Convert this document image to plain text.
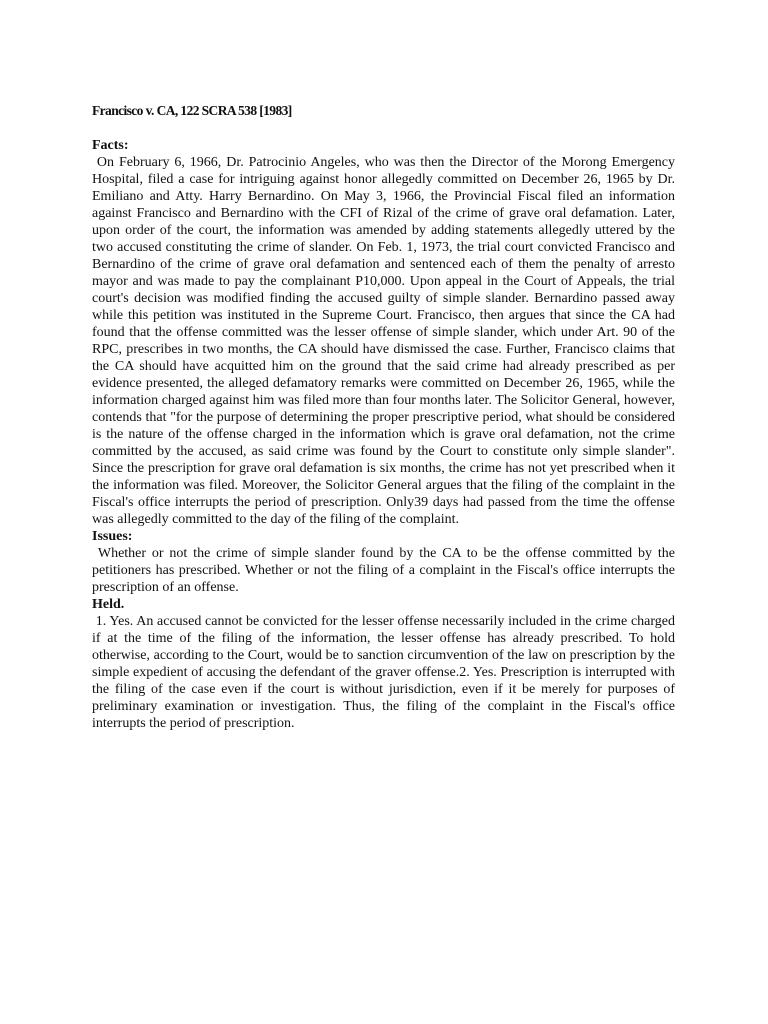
Francisco v. CA, 122 SCRA 538 [1983]
Facts:

On February 6, 1966, Dr. Patrocinio Angeles, who was then the Director of the Morong Emergency Hospital, filed a case for intriguing against honor allegedly committed on December 26, 1965 by Dr. Emiliano and Atty. Harry Bernardino. On May 3, 1966, the Provincial Fiscal filed an information against Francisco and Bernardino with the CFI of Rizal of the crime of grave oral defamation. Later, upon order of the court, the information was amended by adding statements allegedly uttered by the two accused constituting the crime of slander. On Feb. 1, 1973, the trial court convicted Francisco and Bernardino of the crime of grave oral defamation and sentenced each of them the penalty of arresto mayor and was made to pay the complainant P10,000. Upon appeal in the Court of Appeals, the trial court's decision was modified finding the accused guilty of simple slander. Bernardino passed away while this petition was instituted in the Supreme Court. Francisco, then argues that since the CA had found that the offense committed was the lesser offense of simple slander, which under Art. 90 of the RPC, prescribes in two months, the CA should have dismissed the case. Further, Francisco claims that the CA should have acquitted him on the ground that the said crime had already prescribed as per evidence presented, the alleged defamatory remarks were committed on December 26, 1965, while the information charged against him was filed more than four months later. The Solicitor General, however, contends that "for the purpose of determining the proper prescriptive period, what should be considered is the nature of the offense charged in the information which is grave oral defamation, not the crime committed by the accused, as said crime was found by the Court to constitute only simple slander". Since the prescription for grave oral defamation is six months, the crime has not yet prescribed when it the information was filed. Moreover, the Solicitor General argues that the filing of the complaint in the Fiscal's office interrupts the period of prescription. Only39 days had passed from the time the offense was allegedly committed to the day of the filing of the complaint.

Issues:

Whether or not the crime of simple slander found by the CA to be the offense committed by the petitioners has prescribed. Whether or not the filing of a complaint in the Fiscal's office interrupts the prescription of an offense.

Held.

1. Yes. An accused cannot be convicted for the lesser offense necessarily included in the crime charged if at the time of the filing of the information, the lesser offense has already prescribed. To hold otherwise, according to the Court, would be to sanction circumvention of the law on prescription by the simple expedient of accusing the defendant of the graver offense.2. Yes. Prescription is interrupted with the filing of the case even if the court is without jurisdiction, even if it be merely for purposes of preliminary examination or investigation. Thus, the filing of the complaint in the Fiscal's office interrupts the period of prescription.
